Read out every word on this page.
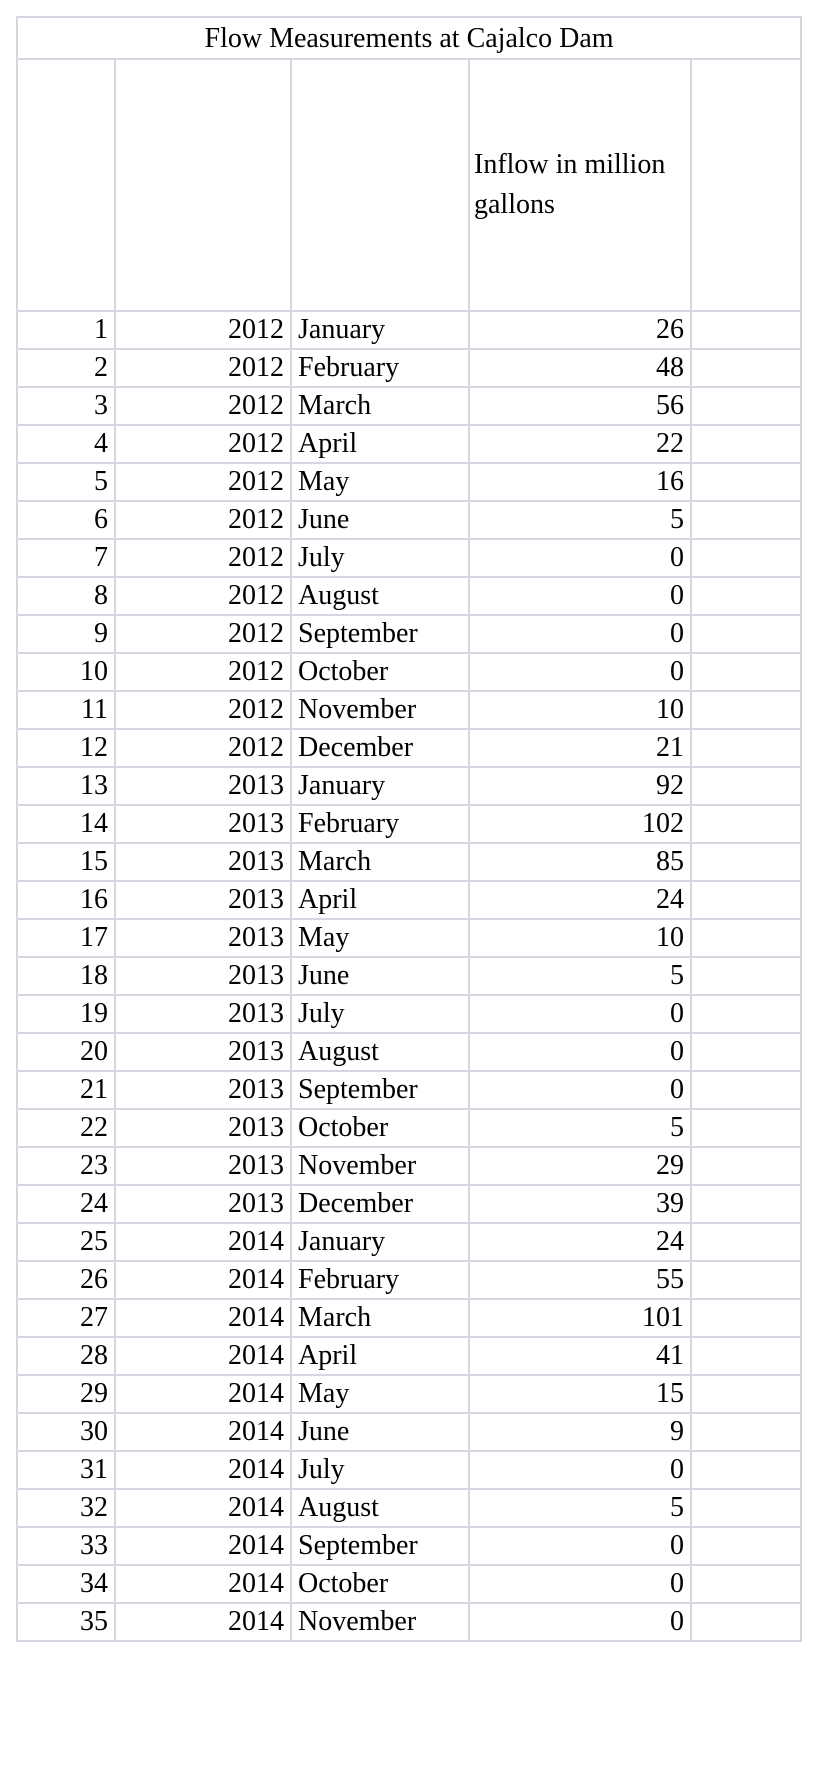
Flow Measurements at Cajalco Dam				
			Inflow in million gallons	
1	2012	January	26	
2	2012	February	48	
3	2012	March	56	
4	2012	April	22	
5	2012	May	16	
6	2012	June	5	
7	2012	July	0	
8	2012	August	0	
9	2012	September	0	
10	2012	October	0	
11	2012	November	10	
12	2012	December	21	
13	2013	January	92	
14	2013	February	102	
15	2013	March	85	
16	2013	April	24	
17	2013	May	10	
18	2013	June	5	
19	2013	July	0	
20	2013	August	0	
21	2013	September	0	
22	2013	October	5	
23	2013	November	29	
24	2013	December	39	
25	2014	January	24	
26	2014	February	55	
27	2014	March	101	
28	2014	April	41	
29	2014	May	15	
30	2014	June	9	
31	2014	July	0	
32	2014	August	5	
33	2014	September	0	
34	2014	October	0	
35	2014	November	0	
